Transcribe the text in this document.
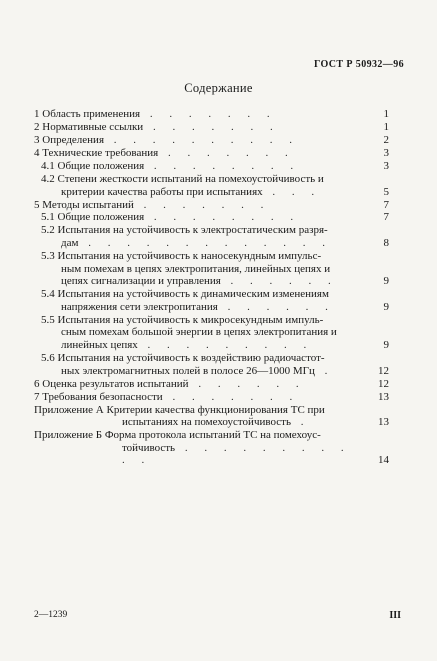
ГОСТ Р 50932—96
Содержание
1 Область применения . . . . . . .	1
2 Нормативные ссылки . . . . . . .	1
3 Определения . . . . . . . . . .	2
4 Технические требования . . . . . . .	3
4.1 Общие положения . . . . . . . .	3
4.2 Степени жесткости испытаний на помехоустойчивость и
критерии качества работы при испытаниях . . .	5
5 Методы испытаний . . . . . . .	7
5.1 Общие положения . . . . . . . .	7
5.2 Испытания на устойчивость к электростатическим разря-
дам . . . . . . . . . . . . .	8
5.3 Испытания на устойчивость к наносекундным импульс-
ным помехам в цепях электропитания, линейных цепях и
цепях сигнализации и управления . . . . . .	9
5.4 Испытания на устойчивость к динамическим изменениям
напряжения сети электропитания . . . . . .	9
5.5 Испытания на устойчивость к микросекундным импуль-
сным помехам большой энергии в цепях электропитания и
линейных цепях . . . . . . . . .	9
5.6 Испытания на устойчивость к воздействию радиочастот-
ных электромагнитных полей в полосе 26—1000 МГц .	12
6 Оценка результатов испытаний . . . . . .	12
7 Требования безопасности . . . . . . .	13
Приложение А Критерии качества функционирования ТС при
испытаниях на помехоустойчивость .	13
Приложение Б Форма протокола испытаний ТС на помехоус-
тойчивость . . . . . . . . . . .	14
2—1239	III
